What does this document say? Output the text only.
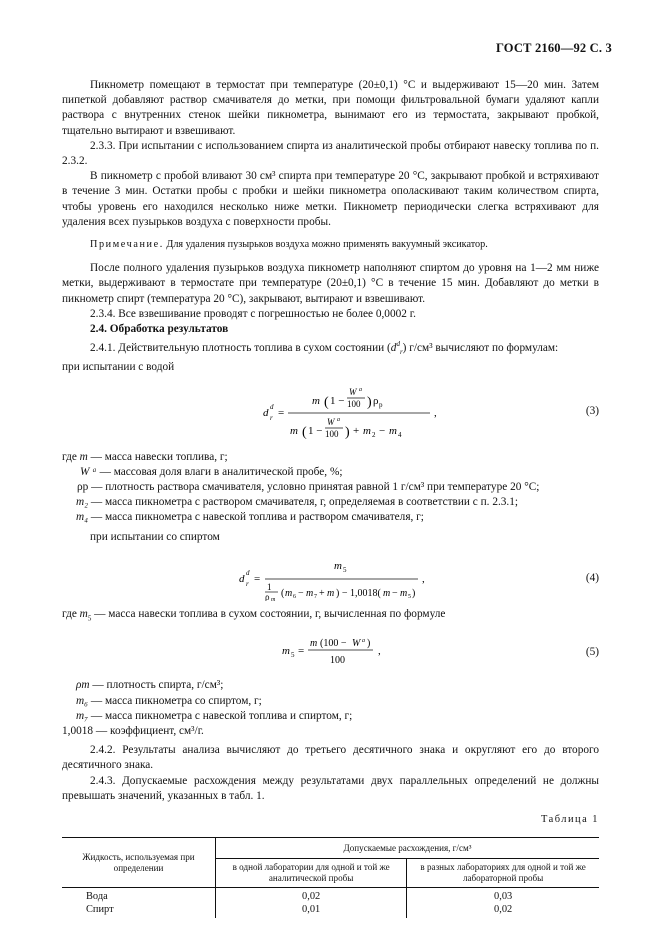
ГОСТ 2160—92 С. 3

Пикнометр помещают в термостат при температуре (20±0,1) °С и выдерживают 15—20 мин. Затем пипеткой добавляют раствор смачивателя до метки, при помощи фильтровальной бумаги удаляют капли раствора с внутренних стенок шейки пикнометра, вынимают его из термостата, закрывают пробкой, тщательно вытирают и взвешивают.

2.3.3. При испытании с использованием спирта из аналитической пробы отбирают навеску топлива по п. 2.3.2.

В пикнометр с пробой вливают 30 см³ спирта при температуре 20 °С, закрывают пробкой и встряхивают в течение 3 мин. Остатки пробы с пробки и шейки пикнометра ополаскивают таким количеством спирта, чтобы уровень его находился несколько ниже метки. Пикнометр периодически слегка встряхивают для удаления всех пузырьков воздуха с поверхности пробы.

Примечание. Для удаления пузырьков воздуха можно применять вакуумный эксикатор.

После полного удаления пузырьков воздуха пикнометр наполняют спиртом до уровня на 1—2 мм ниже метки, выдерживают в термостате при температуре (20±0,1) °С в течение 15 мин. Добавляют до метки в пикнометр спирт (температура 20 °С), закрывают, вытирают и взвешивают.

2.3.4. Все взвешивание проводят с погрешностью не более 0,0002 г.

2.4. Обработка результатов

2.4.1. Действительную плотность топлива в сухом состоянии $(d^d_r)$ г/см³ вычисляют по формулам:

при испытании с водой

d d
r =
m ( 1 −
W a
100 ) ρ р
m ( 1 −
W a
100 ) + m 2 − m 4
,	(3)
где m — масса навески топлива, г;
W ᵃ — массовая доля влаги в аналитической пробе, %;
ρр — плотность раствора смачивателя, условно принятая равной 1 г/см³ при температуре 20 °С;
m₂ — масса пикнометра с раствором смачивателя, г, определяемая в соответствии с п. 2.3.1;
m₄ — масса пикнометра с навеской топлива и раствором смачивателя, г;

при испытании со спиртом

d d
r =
m 5
1
ρ m
( m 6 − m 7 + m ) − 1,0018( m − m 5 )
,	(4)

где $m_5$ — масса навески топлива в сухом состоянии, г, вычисленная по формуле

m 5 =
m (100 − W a )
100
,	(5)
ρm — плотность спирта, г/см³;
m₆ — масса пикнометра со спиртом, г;
m₇ — масса пикнометра с навеской топлива и спиртом, г;
1,0018 — коэффициент, см³/г.

2.4.2. Результаты анализа вычисляют до третьего десятичного знака и округляют его до второго десятичного знака.

2.4.3. Допускаемые расхождения между результатами двух параллельных определений не должны превышать значений, указанных в табл. 1.

Таблица 1
Жидкость, используемая при определении	Допускаемые расхождения, г/см³	
	в одной лаборатории для одной и той же аналитической пробы	в разных лабораториях для одной и той же лабораторной пробы
Вода	0,02	0,03
Спирт	0,01	0,02
